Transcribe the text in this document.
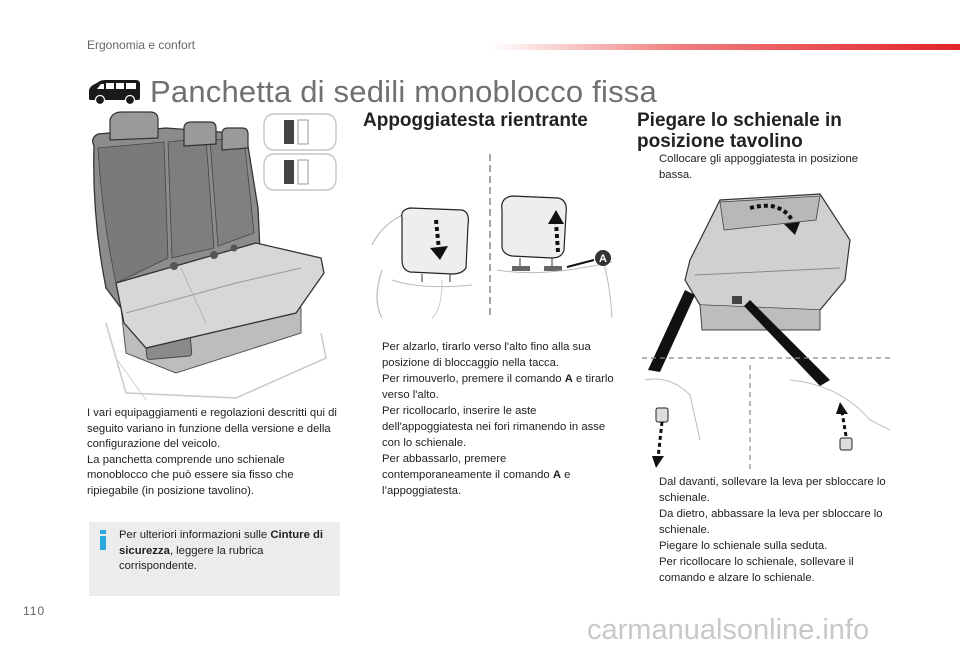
Ergonomia e confort
Panchetta di sedili monoblocco fissa
Appoggiatesta rientrante
A
Per alzarlo, tirarlo verso l'alto fino alla sua posizione di bloccaggio nella tacca.
Per rimouverlo, premere il comando A e tirarlo verso l'alto.
Per ricollocarlo, inserire le aste dell'appoggiatesta nei fori rimanendo in asse con lo schienale.
Per abbassarlo, premere contemporaneamente il comando A e l’appoggiatesta.
Piegare lo schienale in posizione tavolino
Collocare gli appoggiatesta in posizione bassa.
Dal davanti, sollevare la leva per sbloccare lo schienale.
Da dietro, abbassare la leva per sbloccare lo schienale.
Piegare lo schienale sulla seduta.
Per ricollocare lo schienale, sollevare il comando e alzare lo schienale.

I vari equipaggiamenti e regolazioni descritti qui di seguito variano in funzione della versione e della configurazione del veicolo.

La panchetta comprende uno schienale monoblocco che può essere sia fisso che ripiegabile (in posizione tavolino).

Per ulteriori informazioni sulle Cinture di sicurezza, leggere la rubrica corrispondente.
110
carmanualsonline.info
